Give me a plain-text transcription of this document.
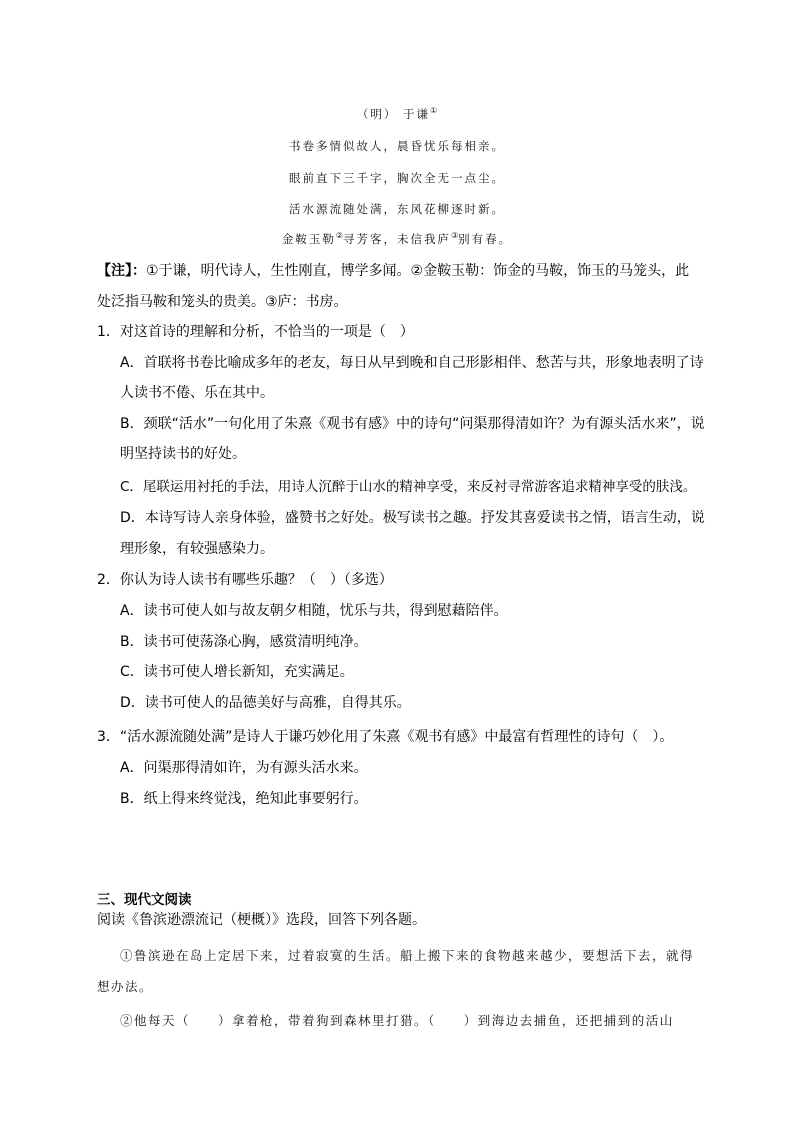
（明） 于谦①
书卷多情似故人，晨昏忧乐每相亲。
眼前直下三千字，胸次全无一点尘。
活水源流随处满，东风花柳逐时新。
金鞍玉勒②寻芳客，未信我庐③别有春。
【注】：①于谦，明代诗人，生性刚直，博学多闻。②金鞍玉勒：饰金的马鞍，饰玉的马笼头，此
处泛指马鞍和笼头的贵美。③庐：书房。
1．对这首诗的理解和分析，不恰当的一项是（　）
A．首联将书卷比喻成多年的老友，每日从早到晚和自己形影相伴、愁苦与共，形象地表明了诗
人读书不倦、乐在其中。
B．颈联“活水”一句化用了朱熹《观书有感》中的诗句“问渠那得清如许？为有源头活水来”，说
明坚持读书的好处。
C．尾联运用衬托的手法，用诗人沉醉于山水的精神享受，来反衬寻常游客追求精神享受的肤浅。
D．本诗写诗人亲身体验，盛赞书之好处。极写读书之趣。抒发其喜爱读书之情，语言生动，说
理形象，有较强感染力。
2．你认为诗人读书有哪些乐趣？（　）（多选）
A．读书可使人如与故友朝夕相随，忧乐与共，得到慰藉陪伴。
B．读书可使荡涤心胸，感赏清明纯净。
C．读书可使人增长新知，充实满足。
D．读书可使人的品德美好与高雅，自得其乐。
3．“活水源流随处满”是诗人于谦巧妙化用了朱熹《观书有感》中最富有哲理性的诗句（　）。
A．问渠那得清如许，为有源头活水来。
B．纸上得来终觉浅，绝知此事要躬行。
三、现代文阅读
阅读《鲁滨逊漂流记（梗概）》选段，回答下列各题。
①鲁滨逊在岛上定居下来，过着寂寞的生活。船上搬下来的食物越来越少，要想活下去，就得
想办法。
②他每天（　　）拿着枪，带着狗到森林里打猎。（　　）到海边去捕鱼，还把捕到的活山
